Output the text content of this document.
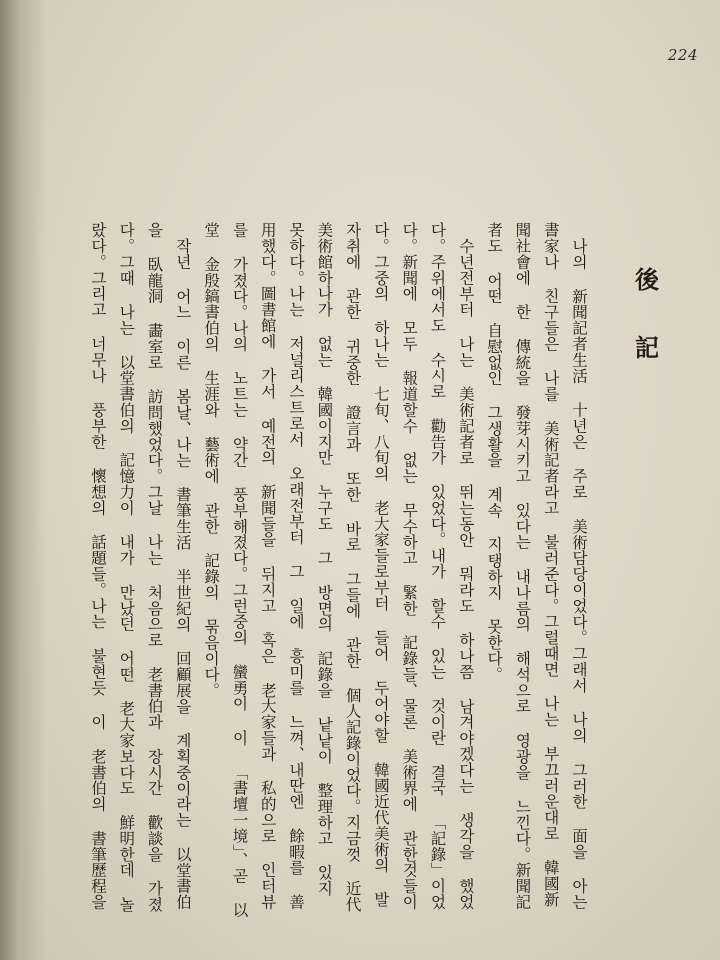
224
後
記

나의 新聞記者生活 十년은 주로 美術담당이었다。그래서 나의 그러한 面을 아는 書家나 친구들은 나를 美術記者라고 불러준다。그럴때면 나는 부끄러운대로 韓國新聞社會에 한 傳統을 發芽시키고 있다는 내나름의 해석으로 영광을 느낀다。新聞記者도 어떤 自慰없인 그생활을 계속 지탱하지 못한다。

수년전부터 나는 美術記者로 뛰는동안 뭐라도 하나쯤 남겨야겠다는 생각을 했었다。주위에서도 수시로 勸告가 있었다。내가 할수 있는 것이란 결국 「記錄」이었다。新聞에 모두 報道할수 없는 무수하고 緊한 記錄들、물론 美術界에 관한것들이다。그중의 하나는 七旬、八旬의 老大家들로부터 들어 두어야할 韓國近代美術의 발자취에 관한 귀중한 證言과 또한 바로 그들에 관한 個人記錄이었다。지금껏 近代美術館하나가 없는 韓國이지만 누구도 그 방면의 記錄을 낱낱이 整理하고 있지 못하다。나는 저널리스트로서 오래전부터 그 일에 흥미를 느껴、내딴엔 餘暇를 善用했다。圖書館에 가서 예전의 新聞들을 뒤지고 혹은 老大家들과 私的으로 인터뷰를 가졌다。나의 노트는 약간 풍부해졌다。그런중의 蠻勇이 이 「書壇一境」、곧 以堂 金殷鎬書伯의 生涯와 藝術에 관한 記錄의 묶음이다。

작년 어느 이른 봄날、나는 書筆生活 半世紀의 回顧展을 계획중이라는 以堂書伯을 臥龍洞 畵室로 訪問했었다。그날 나는 처음으로 老書伯과 장시간 歡談을 가졌다。그때 나는 以堂書伯의 記憶力이 내가 만났던 어떤 老大家보다도 鮮明한데 놀랐다。그리고 너무나 풍부한 懷想의 話題들。나는 불현듯 이 老書伯의 書筆歷程을
